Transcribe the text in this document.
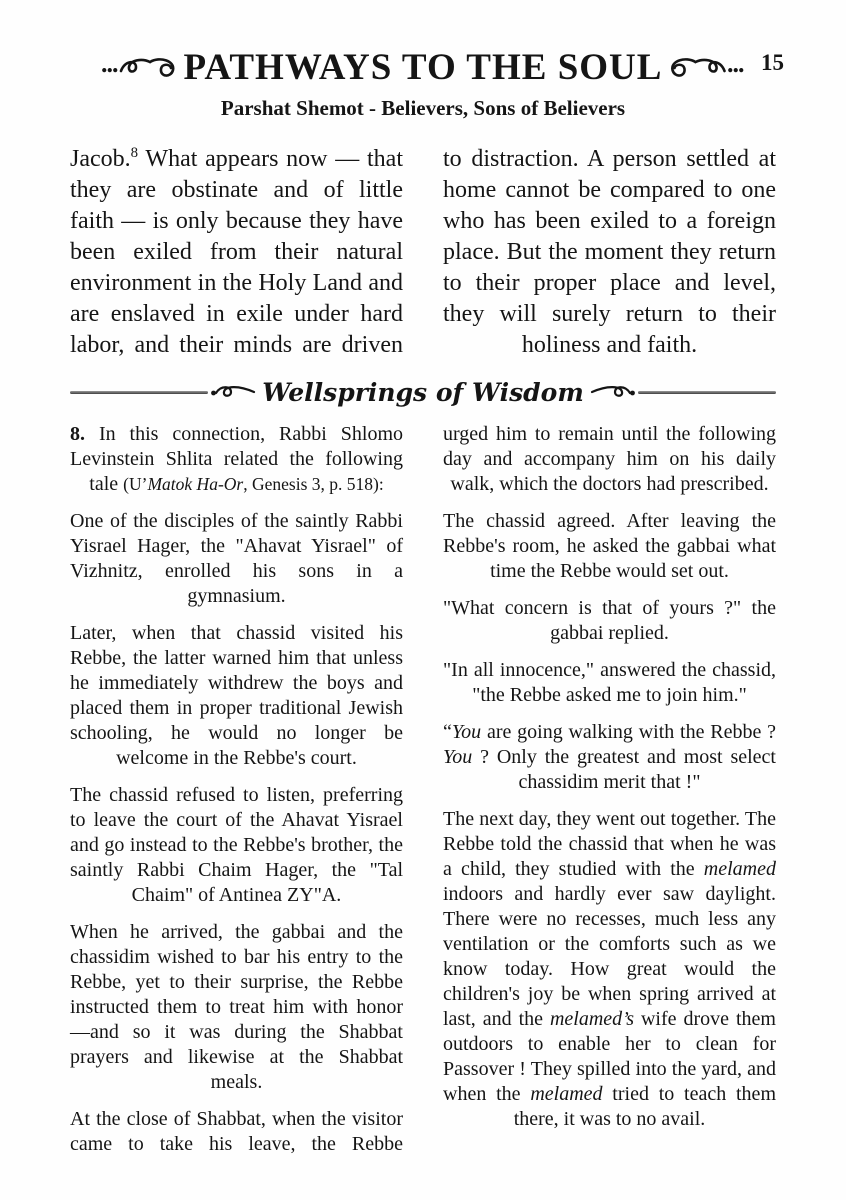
... PATHWAYS TO THE SOUL	... 15
Parshat Shemot - Believers, Sons of Believers

Jacob.$^8$ What appears now — that they are obstinate and of little faith — is only because they have been exiled from their natural environment in the Holy Land and are enslaved in exile under hard labor, and their minds are driven

to distraction. A person settled at home cannot be compared to one who has been exiled to a foreign place. But the moment they return to their proper place and level, they will surely return to their holiness and faith.

Wellsprings of Wisdom

8. In this connection, Rabbi Shlomo Levinstein Shlita related the following tale (U’Matok Ha-Or, Genesis 3, p. 518):

One of the disciples of the saintly Rabbi Yisrael Hager, the "Ahavat Yisrael" of Vizhnitz, enrolled his sons in a gymnasium.

Later, when that chassid visited his Rebbe, the latter warned him that unless he immediately withdrew the boys and placed them in proper traditional Jewish schooling, he would no longer be welcome in the Rebbe's court.

The chassid refused to listen, preferring to leave the court of the Ahavat Yisrael and go instead to the Rebbe's brother, the saintly Rabbi Chaim Hager, the "Tal Chaim" of Antinea ZY"A.

When he arrived, the gabbai and the chassidim wished to bar his entry to the Rebbe, yet to their surprise, the Rebbe instructed them to treat him with honor—and so it was during the Shabbat prayers and likewise at the Shabbat meals.

At the close of Shabbat, when the visitor came to take his leave, the Rebbe

urged him to remain until the following day and accompany him on his daily walk, which the doctors had prescribed.

The chassid agreed. After leaving the Rebbe's room, he asked the gabbai what time the Rebbe would set out.

"What concern is that of yours ?" the gabbai replied.

"In all innocence," answered the chassid, "the Rebbe asked me to join him."

“You are going walking with the Rebbe ? You ? Only the greatest and most select chassidim merit that !"

The next day, they went out together. The Rebbe told the chassid that when he was a child, they studied with the melamed indoors and hardly ever saw daylight. There were no recesses, much less any ventilation or the comforts such as we know today. How great would the children's joy be when spring arrived at last, and the melamed’s wife drove them outdoors to enable her to clean for Passover ! They spilled into the yard, and when the melamed tried to teach them there, it was to no avail.
